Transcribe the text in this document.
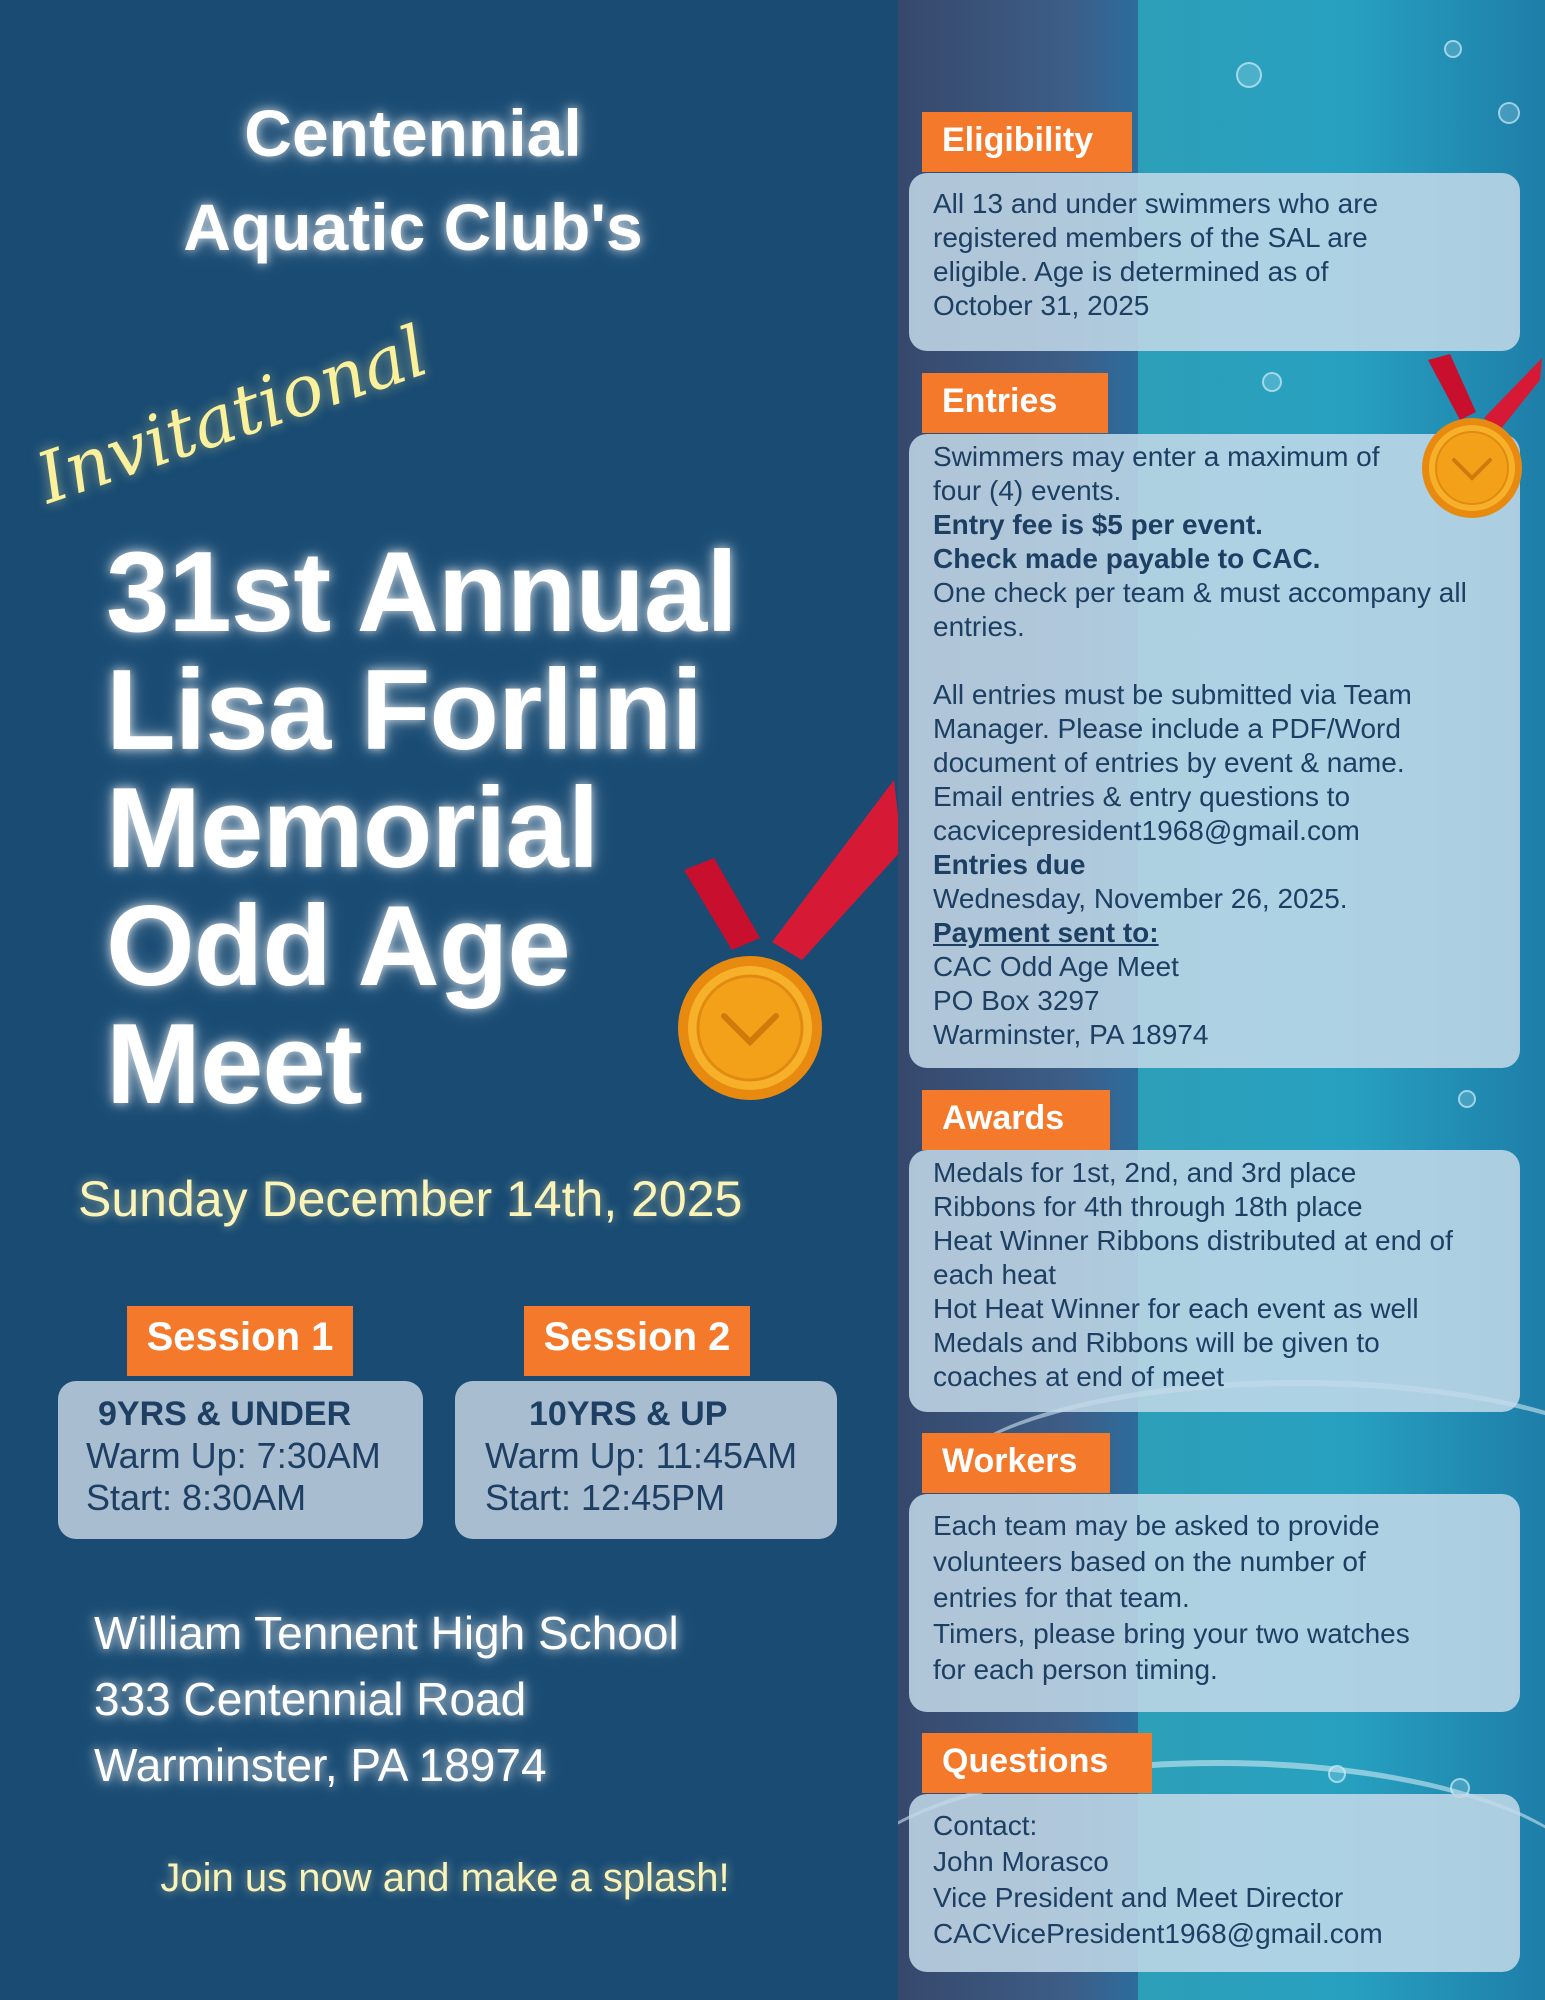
Centennial
Aquatic Club's
Invitational
31st Annual
Lisa Forlini
Memorial
Odd Age
Meet
Sunday December 14th, 2025
Session 1
9YRS & UNDER
Warm Up: 7:30AM
Start: 8:30AM
Session 2
10YRS & UP
Warm Up: 11:45AM
Start: 12:45PM
William Tennent High School
333 Centennial Road
Warminster, PA 18974
Join us now and make a splash!
Eligibility
All 13 and under swimmers who are
registered members of the SAL are
eligible. Age is determined as of
October 31, 2025
Entries
Swimmers may enter a maximum of
four (4) events.
Entry fee is $5 per event.
Check made payable to CAC.
One check per team & must accompany all
entries.
All entries must be submitted via Team
Manager. Please include a PDF/Word
document of entries by event & name.
Email entries & entry questions to
cacvicepresident1968@gmail.com
Entries due
Wednesday, November 26, 2025.
Payment sent to:
CAC Odd Age Meet
PO Box 3297
Warminster, PA 18974
Awards
Medals for 1st, 2nd, and 3rd place
Ribbons for 4th through 18th place
Heat Winner Ribbons distributed at end of
each heat
Hot Heat Winner for each event as well
Medals and Ribbons will be given to
coaches at end of meet
Workers
Each team may be asked to provide
volunteers based on the number of
entries for that team.
Timers, please bring your two watches
for each person timing.
Questions
Contact:
John Morasco
Vice President and Meet Director
CACVicePresident1968@gmail.com
